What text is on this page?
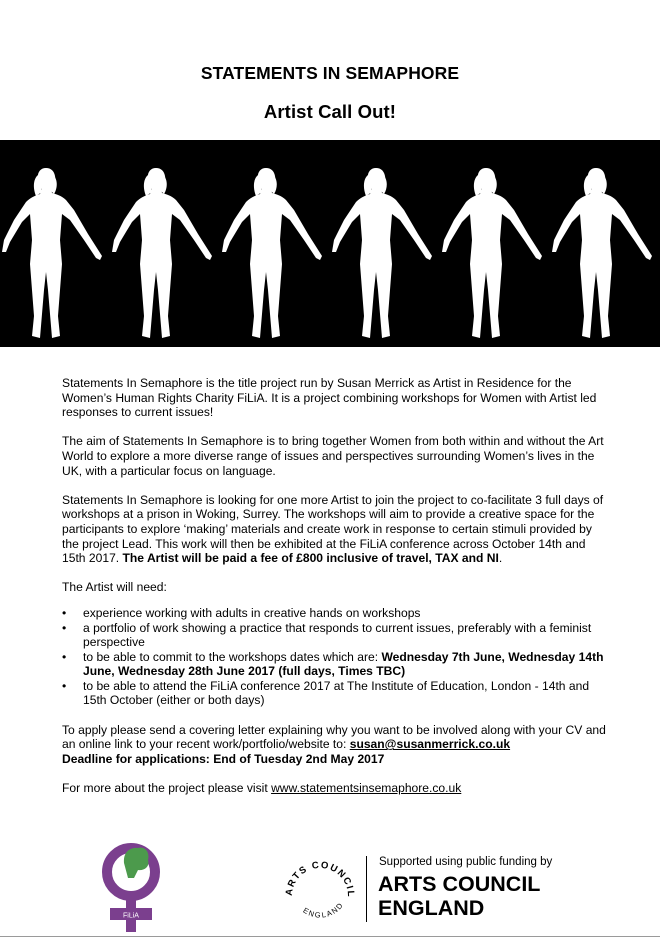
STATEMENTS IN SEMAPHORE
Artist Call Out!

Statements In Semaphore is the title project run by Susan Merrick as Artist in Residence for the Women’s Human Rights Charity FiLiA. It is a project combining workshops for Women with Artist led responses to current issues!

The aim of Statements In Semaphore is to bring together Women from both within and without the Art World to explore a more diverse range of issues and perspectives surrounding Women’s lives in the UK, with a particular focus on language.

Statements In Semaphore is looking for one more Artist to join the project to co-facilitate 3 full days of workshops at a prison in Woking, Surrey. The workshops will aim to provide a creative space for the participants to explore ‘making’ materials and create work in response to certain stimuli provided by the project Lead. This work will then be exhibited at the FiLiA conference across October 14th and 15th 2017. The Artist will be paid a fee of £800 inclusive of travel, TAX and NI.

The Artist will need:

• experience working with adults in creative hands on workshops
• a portfolio of work showing a practice that responds to current issues, preferably with a feminist perspective
• to be able to commit to the workshops dates which are: Wednesday 7th June, Wednesday 14th June, Wednesday 28th June 2017 (full days, Times TBC)
• to be able to attend the FiLiA conference 2017 at The Institute of Education, London - 14th and 15th October (either or both days)

To apply please send a covering letter explaining why you want to be involved along with your CV and an online link to your recent work/portfolio/website to: susan@susanmerrick.co.uk

Deadline for applications: End of Tuesday 2nd May 2017

For more about the project please visit www.statementsinsemaphore.co.uk

FiLiA
ARTS COUNCIL
ENGLAND
Supported using public funding by
ARTS COUNCIL
ENGLAND
